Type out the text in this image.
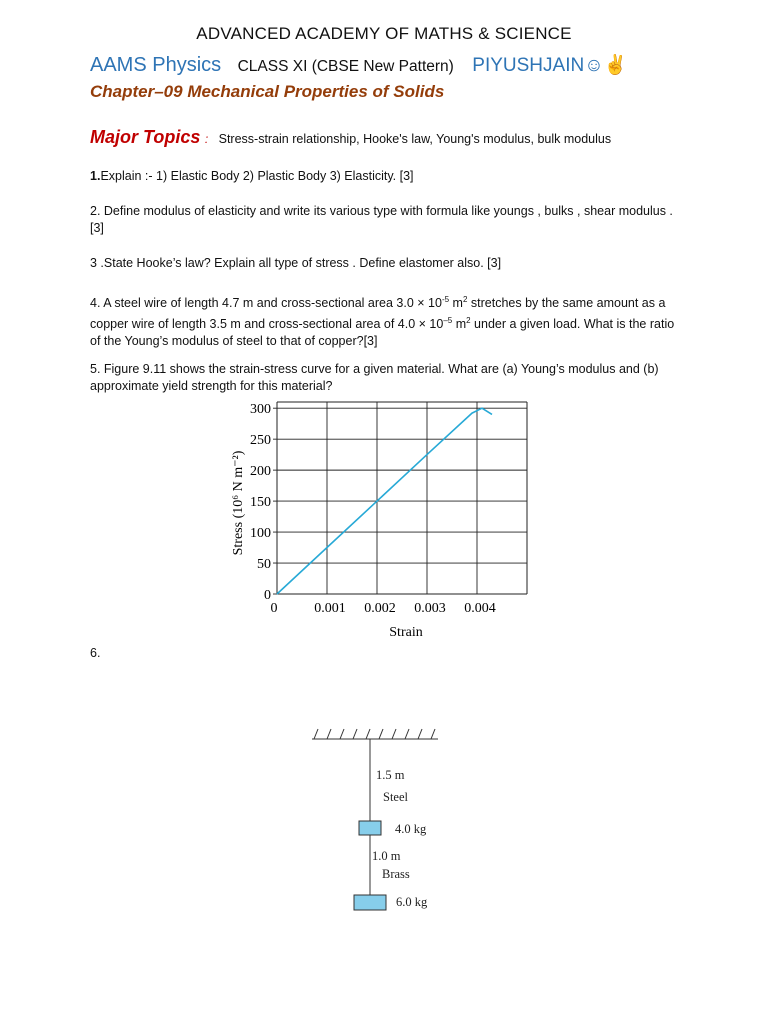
ADVANCED ACADEMY OF MATHS & SCIENCE
AAMS Physics CLASS XI (CBSE New Pattern) PIYUSHJAIN☺✌
Chapter–09 Mechanical Properties of Solids
Major Topics : Stress-strain relationship, Hooke's law, Young's modulus, bulk modulus
1.Explain :- 1) Elastic Body 2) Plastic Body 3) Elasticity. [3]
2. Define modulus of elasticity and write its various type with formula like youngs , bulks , shear modulus .[3]
3 .State Hooke’s law? Explain all type of stress . Define elastomer also. [3]
4. A steel wire of length 4.7 m and cross-sectional area $3.0 \times 10^{-5}$ $m^2$ stretches by the same amount as a copper wire of length 3.5 m and cross-sectional area of $4.0 \times 10^{-5}$ $m^2$ under a given load. What is the ratio of the Young’s modulus of steel to that of copper?[3]
5. Figure 9.11 shows the strain-stress curve for a given material. What are (a) Young’s modulus and (b) approximate yield strength for this material?
0
50
100
150
200
250
300
0	0.001 0.002 0.003 0.004
Stress (10⁶ N m⁻²)
Strain
6.
1.5 m
Steel
4.0 kg
1.0 m
Brass
6.0 kg
